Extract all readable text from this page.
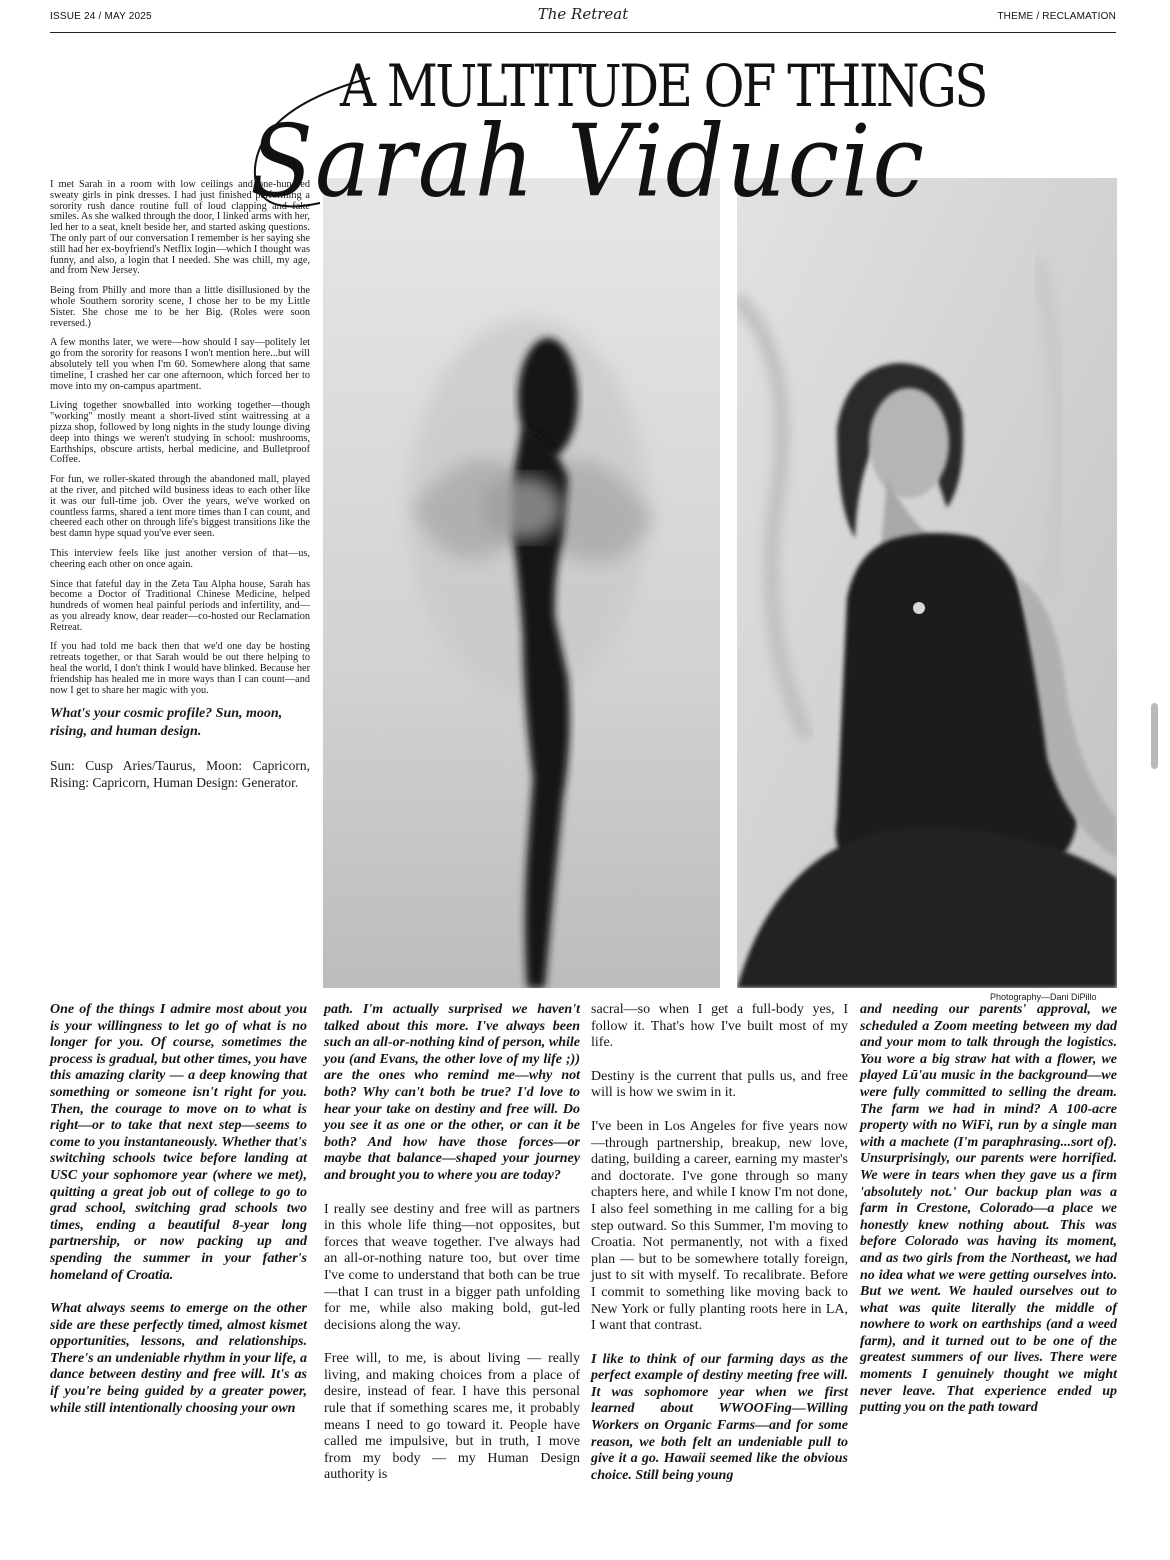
ISSUE 24 / MAY 2025	The Retreat	THEME / RECLAMATION
A MULTITUDE OF THINGS
Sarah Viducic
Photography—Dani DiPillo

I met Sarah in a room with low ceilings and one-hundred sweaty girls in pink dresses. I had just finished performing a sorority rush dance routine full of loud clapping and fake smiles. As she walked through the door, I linked arms with her, led her to a seat, knelt beside her, and started asking questions. The only part of our conversation I remember is her saying she still had her ex-boyfriend's Netflix login—which I thought was funny, and also, a login that I needed. She was chill, my age, and from New Jersey.

Being from Philly and more than a little disillusioned by the whole Southern sorority scene, I chose her to be my Little Sister. She chose me to be her Big. (Roles were soon reversed.)

A few months later, we were—how should I say—politely let go from the sorority for reasons I won't mention here...but will absolutely tell you when I'm 60. Somewhere along that same timeline, I crashed her car one afternoon, which forced her to move into my on-campus apartment.

Living together snowballed into working together—though "working" mostly meant a short-lived stint waitressing at a pizza shop, followed by long nights in the study lounge diving deep into things we weren't studying in school: mushrooms, Earthships, obscure artists, herbal medicine, and Bulletproof Coffee.

For fun, we roller-skated through the abandoned mall, played at the river, and pitched wild business ideas to each other like it was our full-time job. Over the years, we've worked on countless farms, shared a tent more times than I can count, and cheered each other on through life's biggest transitions like the best damn hype squad you've ever seen.

This interview feels like just another version of that—us, cheering each other on once again.

Since that fateful day in the Zeta Tau Alpha house, Sarah has become a Doctor of Traditional Chinese Medicine, helped hundreds of women heal painful periods and infertility, and—as you already know, dear reader—co-hosted our Reclamation Retreat.

If you had told me back then that we'd one day be hosting retreats together, or that Sarah would be out there helping to heal the world, I don't think I would have blinked. Because her friendship has healed me in more ways than I can count—and now I get to share her magic with you.

What's your cosmic profile? Sun, moon, rising, and human design.

Sun: Cusp Aries/Taurus, Moon: Capricorn, Rising: Capricorn, Human Design: Generator.

One of the things I admire most about you is your willingness to let go of what is no longer for you. Of course, sometimes the process is gradual, but other times, you have this amazing clarity — a deep knowing that something or someone isn't right for you. Then, the courage to move on to what is right—or to take that next step—seems to come to you instantaneously. Whether that's switching schools twice before landing at USC your sophomore year (where we met), quitting a great job out of college to go to grad school, switching grad schools two times, ending a beautiful 8-year long partnership, or now packing up and spending the summer in your father's homeland of Croatia.

What always seems to emerge on the other side are these perfectly timed, almost kismet opportunities, lessons, and relationships. There's an undeniable rhythm in your life, a dance between destiny and free will. It's as if you're being guided by a greater power, while still intentionally choosing your own

path. I'm actually surprised we haven't talked about this more. I've always been such an all-or-nothing kind of person, while you (and Evans, the other love of my life ;)) are the ones who remind me—why not both? Why can't both be true? I'd love to hear your take on destiny and free will. Do you see it as one or the other, or can it be both? And how have those forces—or maybe that balance—shaped your journey and brought you to where you are today?

I really see destiny and free will as partners in this whole life thing—not opposites, but forces that weave together. I've always had an all-or-nothing nature too, but over time I've come to understand that both can be true—that I can trust in a bigger path unfolding for me, while also making bold, gut-led decisions along the way.

Free will, to me, is about living — really living, and making choices from a place of desire, instead of fear. I have this personal rule that if something scares me, it probably means I need to go toward it. People have called me impulsive, but in truth, I move from my body — my Human Design authority is

sacral—so when I get a full-body yes, I follow it. That's how I've built most of my life.

Destiny is the current that pulls us, and free will is how we swim in it.

I've been in Los Angeles for five years now—through partnership, breakup, new love, dating, building a career, earning my master's and doctorate. I've gone through so many chapters here, and while I know I'm not done, I also feel something in me calling for a big step outward. So this Summer, I'm moving to Croatia. Not permanently, not with a fixed plan — but to be somewhere totally foreign, just to sit with myself. To recalibrate. Before I commit to something like moving back to New York or fully planting roots here in LA, I want that contrast.

I like to think of our farming days as the perfect example of destiny meeting free will. It was sophomore year when we first learned about WWOOFing—Willing Workers on Organic Farms—and for some reason, we both felt an undeniable pull to give it a go. Hawaii seemed like the obvious choice. Still being young

and needing our parents' approval, we scheduled a Zoom meeting between my dad and your mom to talk through the logistics. You wore a big straw hat with a flower, we played Lū'au music in the background—we were fully committed to selling the dream. The farm we had in mind? A 100-acre property with no WiFi, run by a single man with a machete (I'm paraphrasing...sort of). Unsurprisingly, our parents were horrified. We were in tears when they gave us a firm 'absolutely not.' Our backup plan was a farm in Crestone, Colorado—a place we honestly knew nothing about. This was before Colorado was having its moment, and as two girls from the Northeast, we had no idea what we were getting ourselves into. But we went. We hauled ourselves out to what was quite literally the middle of nowhere to work on earthships (and a weed farm), and it turned out to be one of the greatest summers of our lives. There were moments I genuinely thought we might never leave. That experience ended up putting you on the path toward
